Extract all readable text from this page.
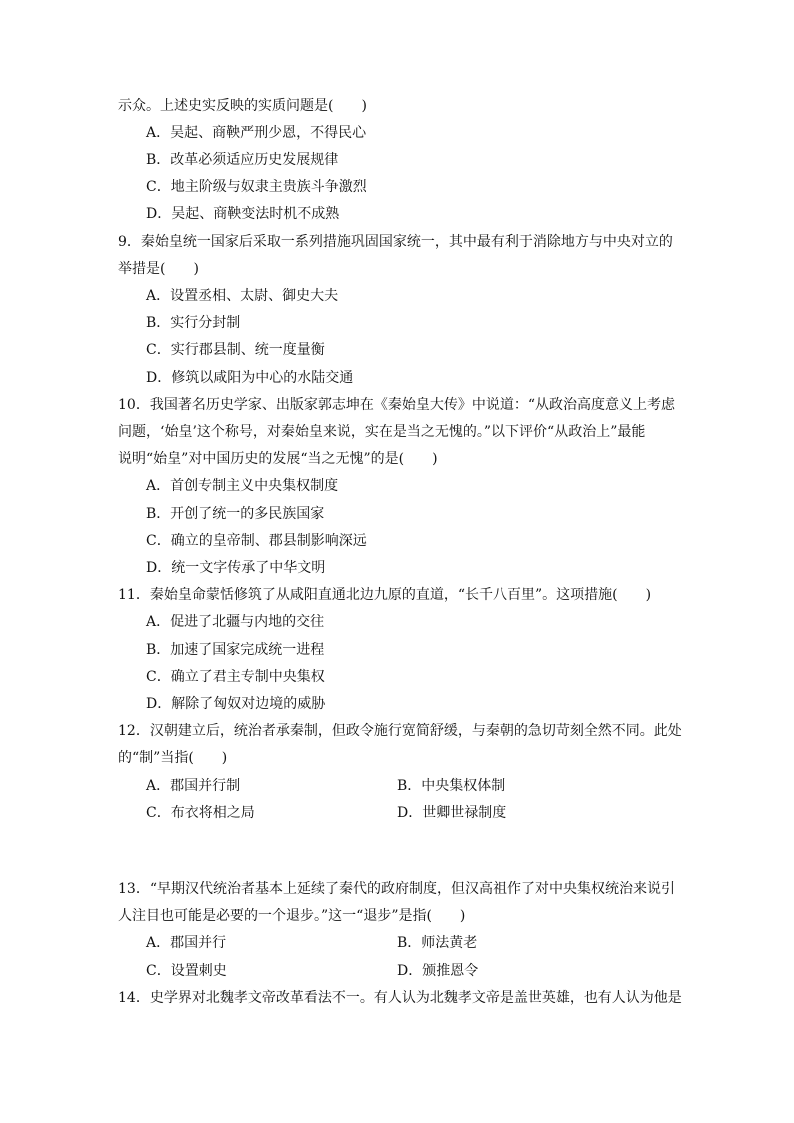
示众。上述史实反映的实质问题是(　　)
A．吴起、商鞅严刑少恩，不得民心
B．改革必须适应历史发展规律
C．地主阶级与奴隶主贵族斗争激烈
D．吴起、商鞅变法时机不成熟
9．秦始皇统一国家后采取一系列措施巩固国家统一，其中最有利于消除地方与中央对立的
举措是(　　)
A．设置丞相、太尉、御史大夫
B．实行分封制
C．实行郡县制、统一度量衡
D．修筑以咸阳为中心的水陆交通
10．我国著名历史学家、出版家郭志坤在《秦始皇大传》中说道：“从政治高度意义上考虑
问题，‘始皇’这个称号，对秦始皇来说，实在是当之无愧的。”以下评价“从政治上”最能
说明“始皇”对中国历史的发展“当之无愧”的是(　　)
A．首创专制主义中央集权制度
B．开创了统一的多民族国家
C．确立的皇帝制、郡县制影响深远
D．统一文字传承了中华文明
11．秦始皇命蒙恬修筑了从咸阳直通北边九原的直道，“长千八百里”。这项措施(　　)
A．促进了北疆与内地的交往
B．加速了国家完成统一进程
C．确立了君主专制中央集权
D．解除了匈奴对边境的威胁
12．汉朝建立后，统治者承秦制，但政令施行宽简舒缓，与秦朝的急切苛刻全然不同。此处
的“制”当指(　　)
A．郡国并行制	B．中央集权体制
C．布衣将相之局	D．世卿世禄制度
13．“早期汉代统治者基本上延续了秦代的政府制度，但汉高祖作了对中央集权统治来说引
人注目也可能是必要的一个退步。”这一“退步”是指(　　)
A．郡国并行	B．师法黄老
C．设置刺史	D．颁推恩令
14．史学界对北魏孝文帝改革看法不一。有人认为北魏孝文帝是盖世英雄，也有人认为他是
